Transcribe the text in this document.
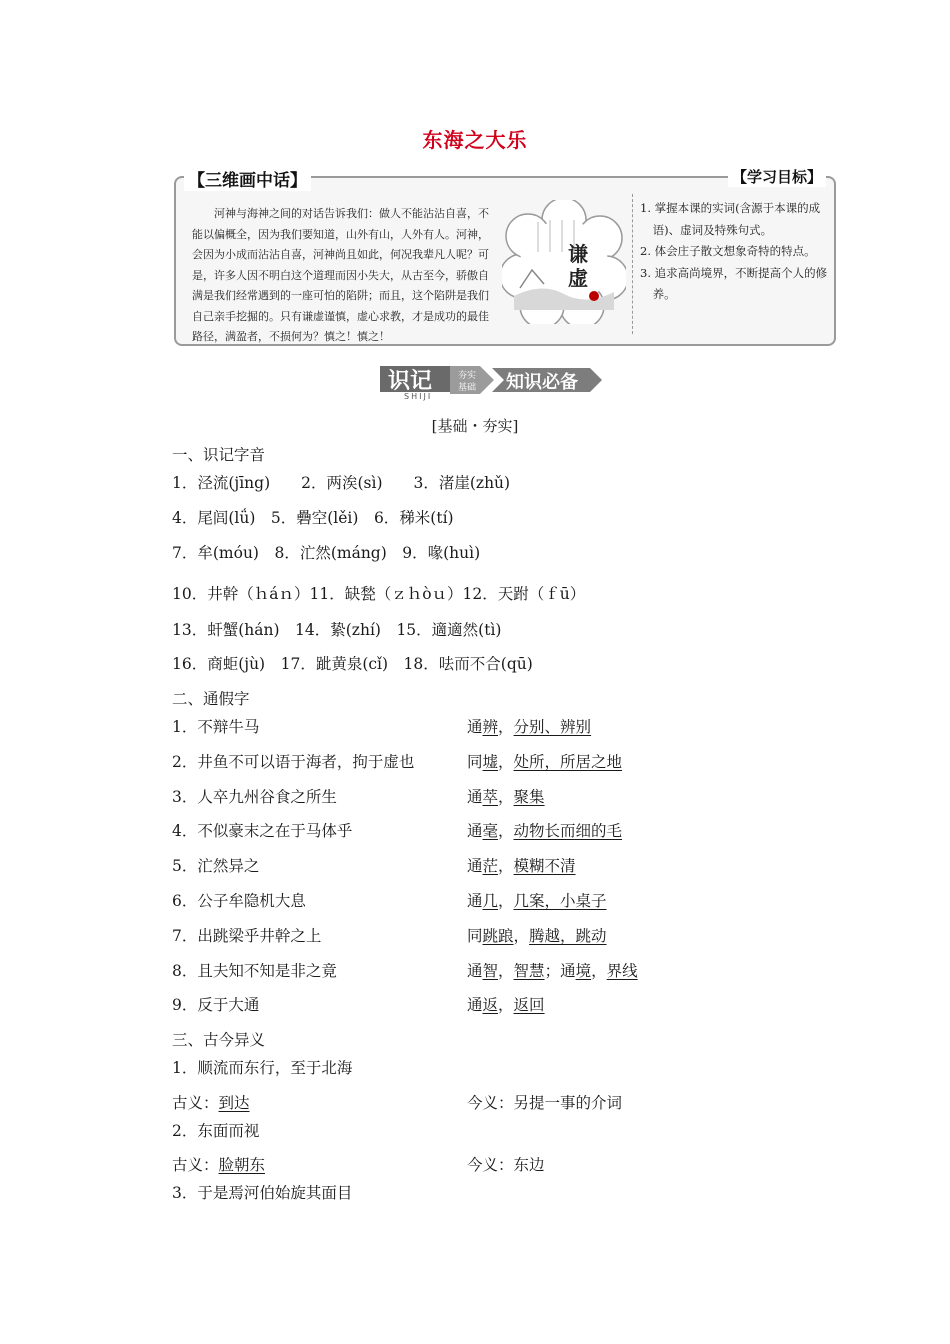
东海之大乐
【三维画中话】	【学习目标】
河神与海神之间的对话告诉我们：做人不能沾沾自喜，不能以偏概全，因为我们要知道，山外有山，人外有人。河神，会因为小成而沾沾自喜，河神尚且如此，何况我辈凡人呢？可是，许多人因不明白这个道理而因小失大，从古至今，骄傲自满是我们经常遇到的一座可怕的陷阱；而且，这个陷阱是我们自己亲手挖掘的。只有谦虚谨慎，虚心求教，才是成功的最佳路径，满盈者，不损何为？慎之！慎之！
谦虚
1. 掌握本课的实词(含源于本课的成语)、虚词及特殊句式。
2. 体会庄子散文想象奇特的特点。
3. 追求高尚境界，不断提高个人的修养。
识记
SHIJI
夯实
基础 知识必备
[基础・夯实]
一、识记字音
1．泾流(jīng)　　2．两涘(sì)　　3．渚崖(zhǔ)
4．尾闾(lǘ)　5．礨空(lěi)　6．稊米(tí)
7．牟(móu)　8．汒然(máng)　9．喙(huì)
10．井幹（ｈáｎ）11．缺甃（ｚｈòｕ）12．天跗（ｆū）
13．虷蟹(hán)　14．絷(zhí)　15．適適然(tì)
16．商蚷(jù)　17．跐黄泉(cǐ)　18．呿而不合(qū)
二、通假字
1．不辩牛马	通辨，分别、辨别
2．井鱼不可以语于海者，拘于虚也	同墟，处所，所居之地
3．人卒九州谷食之所生	通萃，聚集
4．不似豪末之在于马体乎	通毫，动物长而细的毛
5．汒然异之	通茫，模糊不清
6．公子牟隐机大息	通几，几案，小桌子
7．出跳梁乎井幹之上	同跳踉，腾越，跳动
8．且夫知不知是非之竟	通智，智慧；通境，界线
9．反于大通	通返，返回
三、古今异义
1．顺流而东行，至于北海
古义：到达	今义：另提一事的介词
2．东面而视
古义：脸朝东	今义：东边
3．于是焉河伯始旋其面目
